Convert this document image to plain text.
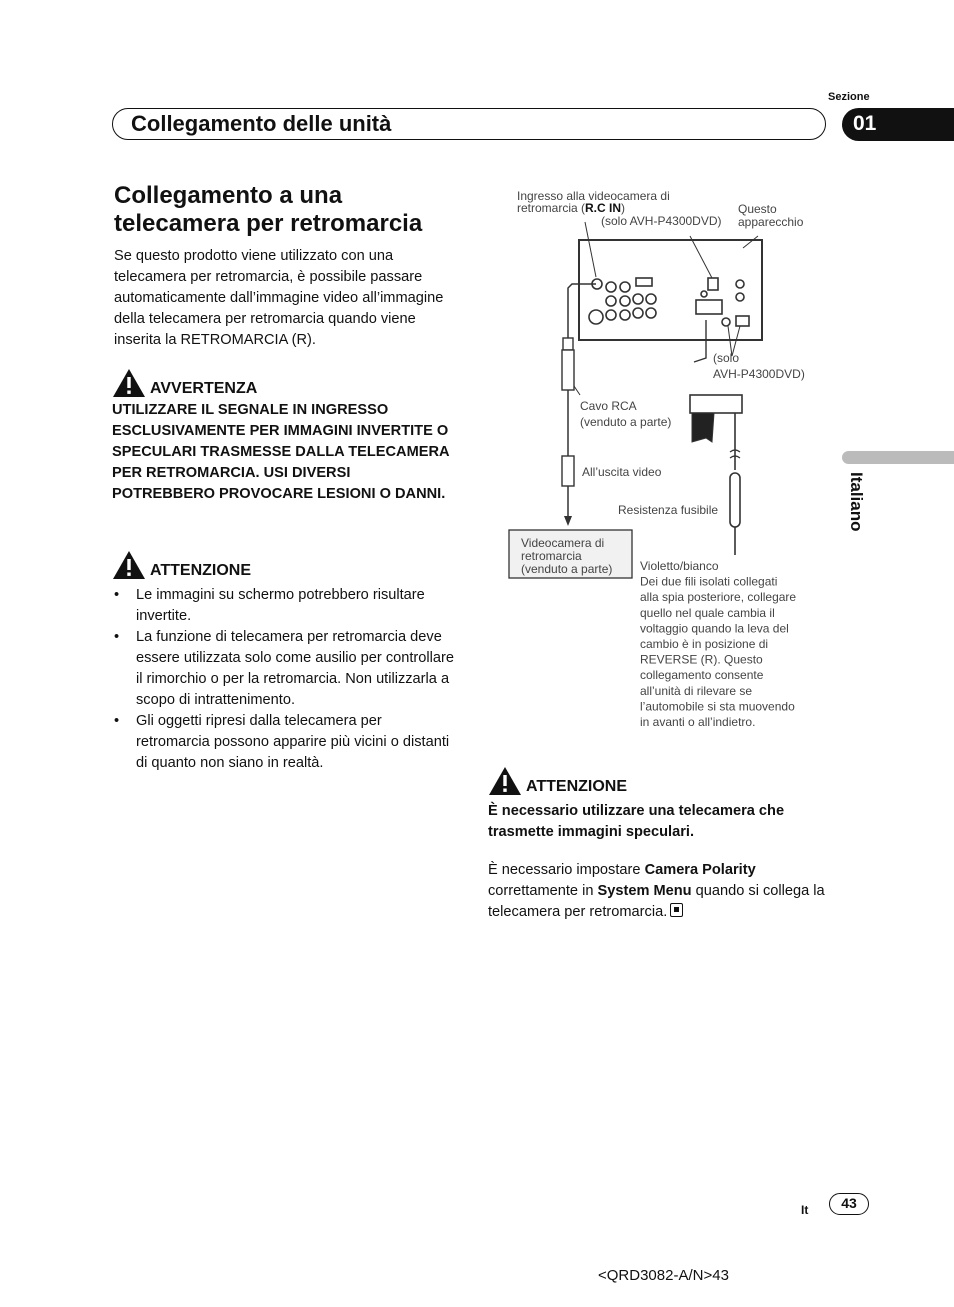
Sezione
Collegamento delle unità	01
Italiano
Collegamento a una telecamera per retromarcia
Se questo prodotto viene utilizzato con una telecamera per retromarcia, è possibile passare automaticamente dall’immagine video all’immagine della telecamera per retromarcia quando viene inserita la RETROMARCIA (R).
AVVERTENZA
UTILIZZARE IL SEGNALE IN INGRESSO ESCLUSIVAMENTE PER IMMAGINI INVERTITE O SPECULARI TRASMESSE DALLA TELECAMERA PER RETROMARCIA. USI DIVERSI POTREBBERO PROVOCARE LESIONI O DANNI.
ATTENZIONE
• Le immagini su schermo potrebbero risultare invertite.
• La funzione di telecamera per retromarcia deve essere utilizzata solo come ausilio per controllare il rimorchio o per la retromarcia. Non utilizzarla a scopo di intrattenimento.
• Gli oggetti ripresi dalla telecamera per retromarcia possono apparire più vicini o distanti di quanto non siano in realtà.
Ingresso alla videocamera di
retromarcia (R.C IN)
(solo AVH-P4300DVD)
Questo
apparecchio
(solo
AVH-P4300DVD)
Cavo RCA
(venduto a parte)
All’uscita video
Resistenza fusibile
Videocamera di
retromarcia
(venduto a parte) Violetto/bianco
Dei due fili isolati collegati
alla spia posteriore, collegare
quello nel quale cambia il
voltaggio quando la leva del
cambio è in posizione di
REVERSE (R). Questo
collegamento consente
all’unità di rilevare se
l’automobile si sta muovendo
in avanti o all’indietro.
ATTENZIONE
È necessario utilizzare una telecamera che trasmette immagini speculari.
È necessario impostare Camera Polarity correttamente in System Menu quando si collega la telecamera per retromarcia.
It	43
<QRD3082-A/N>43
